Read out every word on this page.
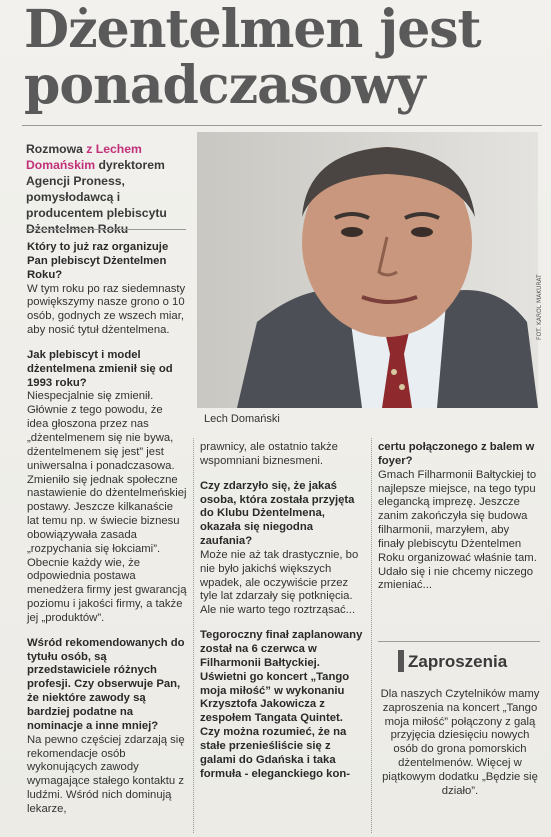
Dżentelmen jest
ponadczasowy
Rozmowa z Lechem Domańskim dyrektorem Agencji Proness, pomysłodawcą i producentem plebiscytu Dżentelmen Roku
FOT. KAROL MAKURAT
Lech Domański

Który to już raz organizuje Pan plebiscyt Dżentelmen Roku?

W tym roku po raz siedemnasty powiększymy nasze grono o 10 osób, godnych ze wszech miar, aby nosić tytuł dżentelmena.

Jak plebiscyt i model dżentelmena zmienił się od 1993 roku?

Niespecjalnie się zmienił. Głównie z tego powodu, że idea głoszona przez nas „dżentelmenem się nie bywa, dżentelmenem się jest” jest uniwersalna i ponadczasowa. Zmieniło się jednak społeczne nastawienie do dżentelmeńskiej postawy. Jeszcze kilkanaście lat temu np. w świecie biznesu obowiązywała zasada „rozpychania się łokciami”. Obecnie każdy wie, że odpowiednia postawa menedżera firmy jest gwarancją poziomu i jakości firmy, a także jej „produktów”.

Wśród rekomendowanych do tytułu osób, są przedstawiciele różnych profesji. Czy obserwuje Pan, że niektóre zawody są bardziej podatne na nominacje a inne mniej?

Na pewno częściej zdarzają się rekomendacje osób wykonujących zawody wymagające stałego kontaktu z ludźmi. Wśród nich dominują lekarze,

prawnicy, ale ostatnio także wspomniani biznesmeni.

Czy zdarzyło się, że jakaś osoba, która została przyjęta do Klubu Dżentelmena, okazała się niegodna zaufania?

Może nie aż tak drastycznie, bo nie było jakichś większych wpadek, ale oczywiście przez tyle lat zdarzały się potknięcia. Ale nie warto tego roztrząsać...

Tegoroczny finał zaplanowany został na 6 czerwca w Filharmonii Bałtyckiej. Uświetni go koncert „Tango moja miłość” w wykonaniu Krzysztofa Jakowicza z zespołem Tangata Quintet. Czy można rozumieć, że na stałe przenieśliście się z galami do Gdańska i taka formuła - eleganckiego kon-

certu połączonego z balem w foyer?

Gmach Filharmonii Bałtyckiej to najlepsze miejsce, na tego typu elegancką imprezę. Jeszcze zanim zakończyła się budowa filharmonii, marzyłem, aby finały plebiscytu Dżentelmen Roku organizować właśnie tam. Udało się i nie chcemy niczego zmieniać...

Zaproszenia
Dla naszych Czytelników mamy zaproszenia na koncert „Tango moja miłość” połączony z galą przyjęcia dziesięciu nowych osób do grona pomorskich dżentelmenów. Więcej w piątkowym dodatku „Będzie się działo”.
